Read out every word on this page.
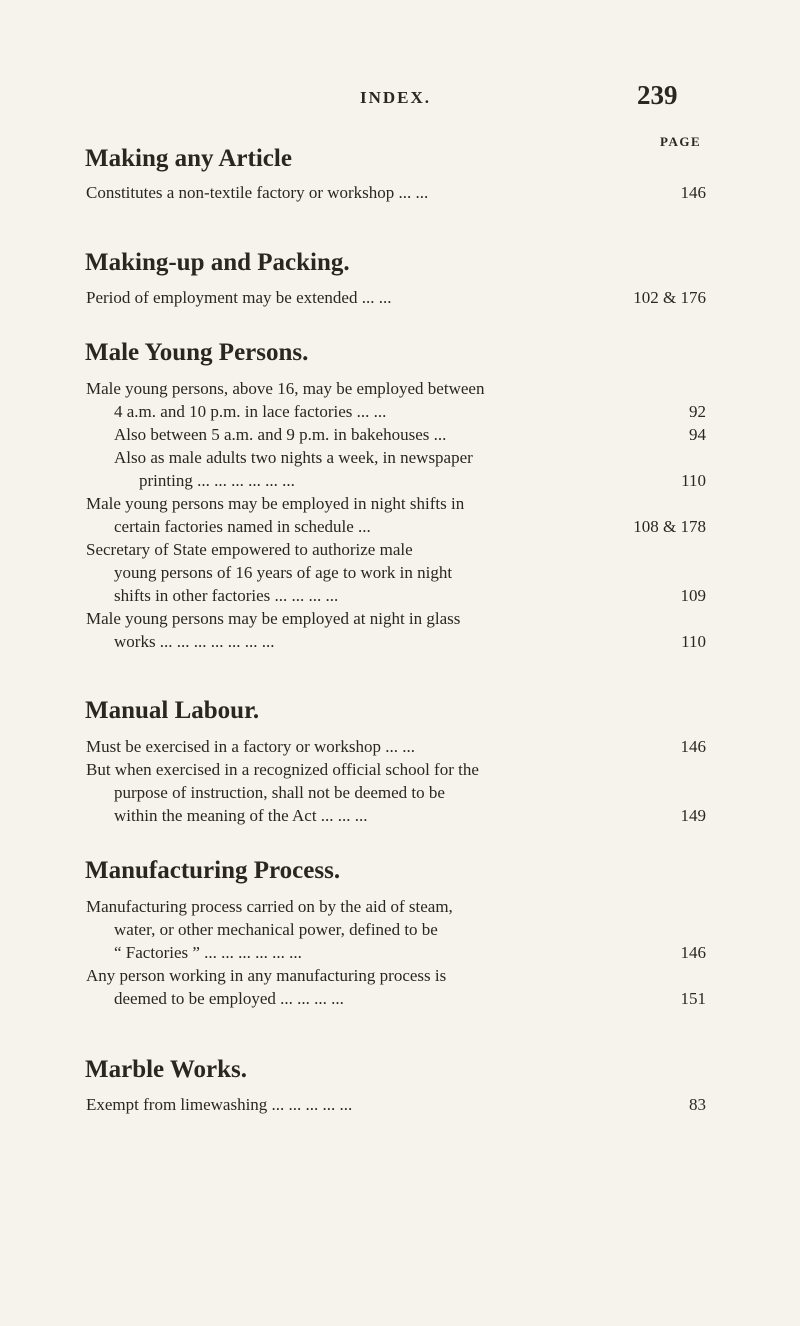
INDEX.	239
PAGE
Making any Article
Constitutes a non-textile factory or workshop ... ...	146
Making-up and Packing.
Period of employment may be extended ... ...	102 & 176
Male Young Persons.
Male young persons, above 16, may be employed between
4 a.m. and 10 p.m. in lace factories ... ...	92
Also between 5 a.m. and 9 p.m. in bakehouses ...	94
Also as male adults two nights a week, in newspaper
printing ... ... ... ... ... ...	110
Male young persons may be employed in night shifts in
certain factories named in schedule ...	108 & 178
Secretary of State empowered to authorize male
young persons of 16 years of age to work in night
shifts in other factories ... ... ... ...	109
Male young persons may be employed at night in glass
works ... ... ... ... ... ... ...	110
Manual Labour.
Must be exercised in a factory or workshop ... ...	146
But when exercised in a recognized official school for the
purpose of instruction, shall not be deemed to be
within the meaning of the Act ... ... ...	149
Manufacturing Process.
Manufacturing process carried on by the aid of steam,
water, or other mechanical power, defined to be
“ Factories ” ... ... ... ... ... ...	146
Any person working in any manufacturing process is
deemed to be employed ... ... ... ...	151
Marble Works.
Exempt from limewashing ... ... ... ... ...	83
